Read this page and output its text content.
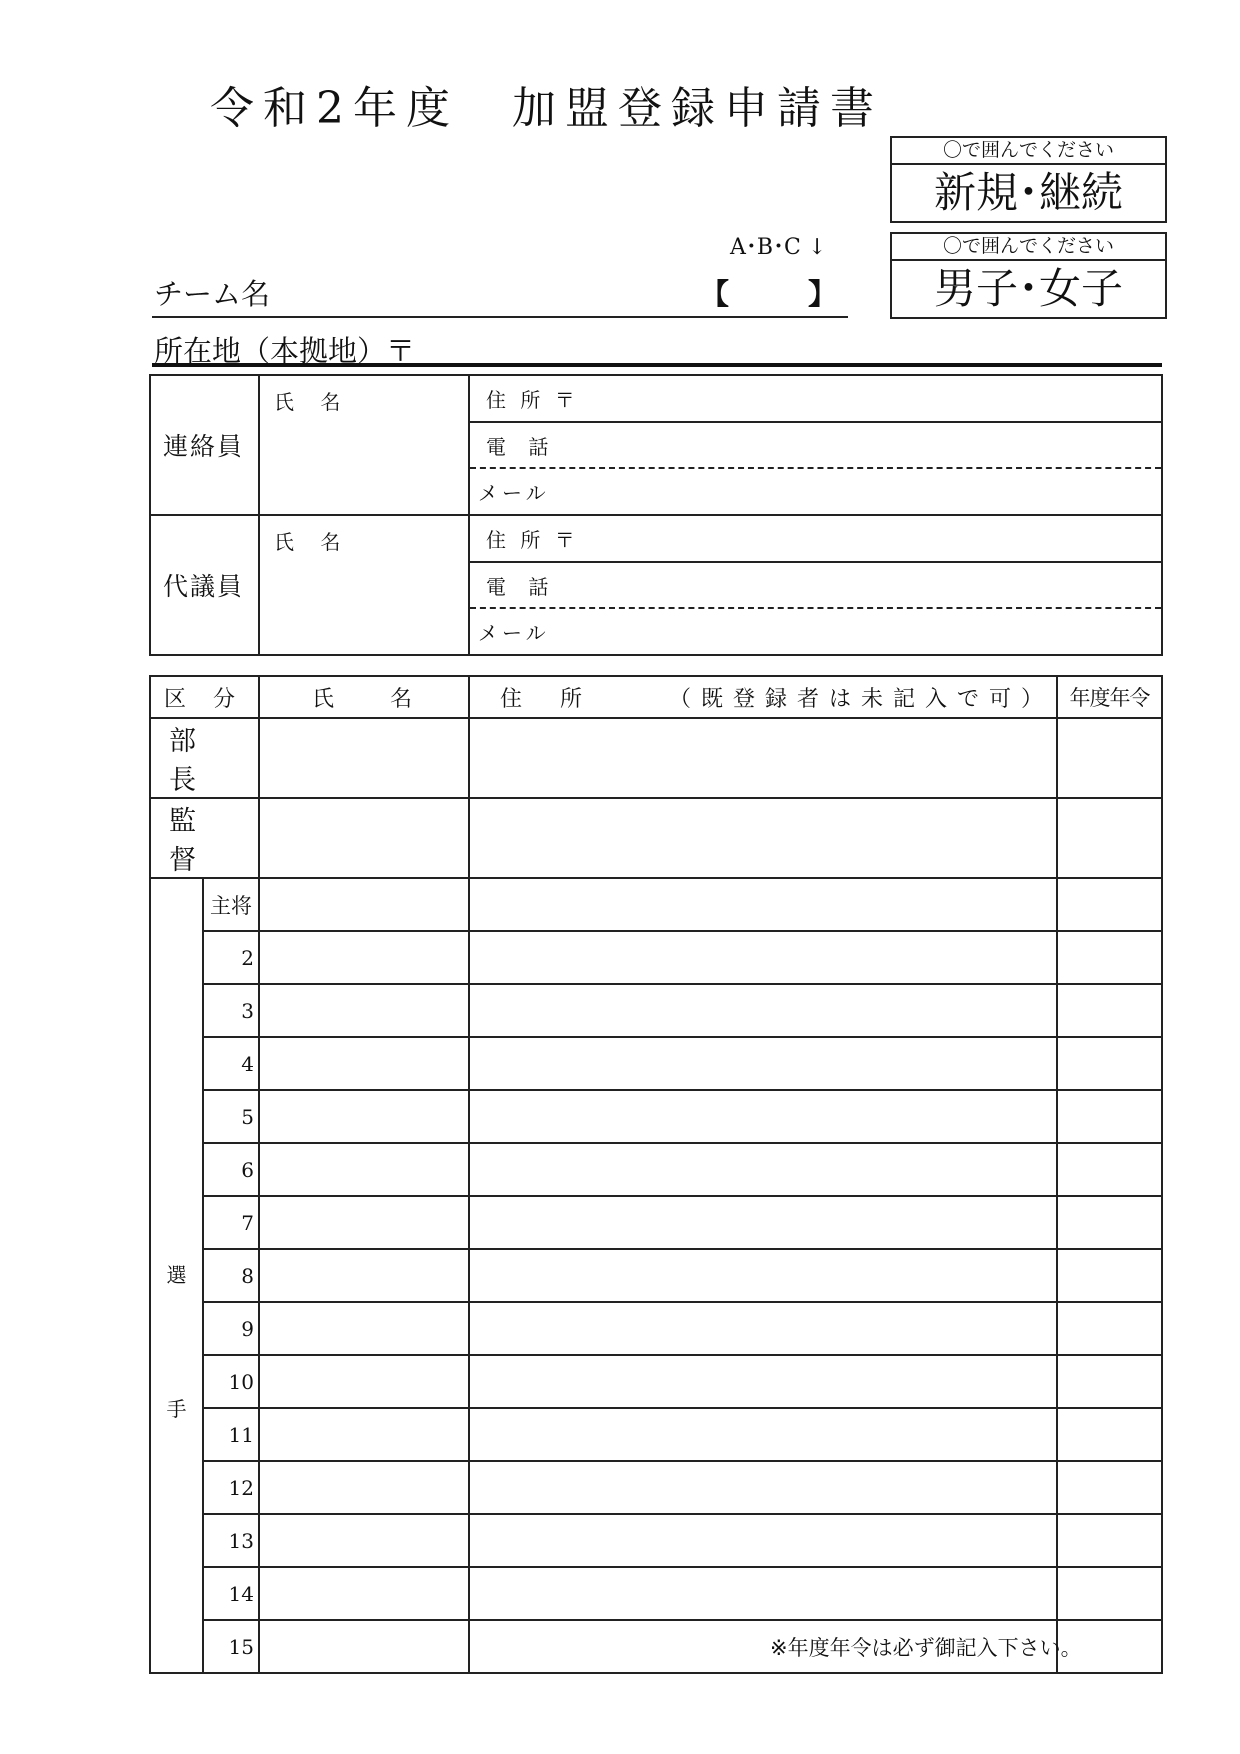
令和2年度　加盟登録申請書
〇で囲んでください
新規･継続
A･B･C ↓	〇で囲んでください
男子･女子
チーム名	【	】
所在地（本拠地）〒
連絡員	氏 名	住 所 〒
		電 話
		メール
代議員	氏 名	住 所 〒
		電 話
		メール
区 分		氏　　名	住　所 （既登録者は未記入で可）	年度年令
部 長				
監 督				

選
手	主将			
	2			
	3			
	4			
	5			
	6			
	7			
	8			
	9			
	10			
	11			
	12			
	13			
	14			
	15				※年度年令は必ず御記入下さい。
